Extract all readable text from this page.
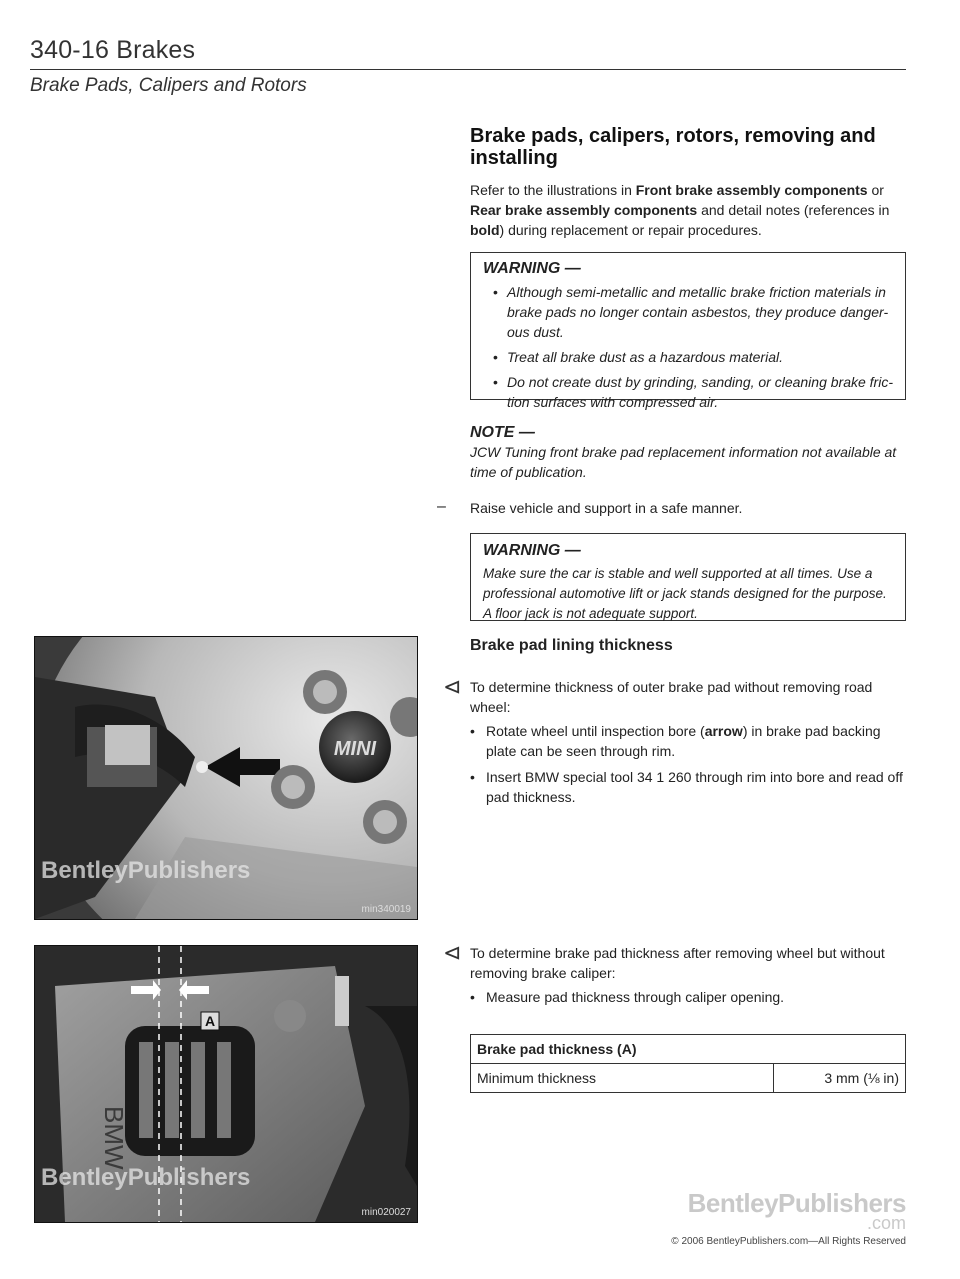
340-16 Brakes
Brake Pads, Calipers and Rotors
Brake pads, calipers, rotors, removing and
installing

Refer to the illustrations in Front brake assembly components or Rear brake assembly components and detail notes (references in bold) during replacement or repair procedures.

WARNING —
• Although semi-metallic and metallic brake friction materials in brake pads no longer contain asbestos, they produce danger-ous dust.
• Treat all brake dust as a hazardous material.
• Do not create dust by grinding, sanding, or cleaning brake fric-tion surfaces with compressed air.
NOTE —

JCW Tuning front brake pad replacement information not available at time of publication.

– Raise vehicle and support in a safe manner.

WARNING —

Make sure the car is stable and well supported at all times. Use a professional automotive lift or jack stands designed for the purpose. A floor jack is not adequate support.

Brake pad lining thickness
⊲ To determine thickness of outer brake pad without removing road wheel:

• Rotate wheel until inspection bore (arrow) in brake pad backing plate can be seen through rim.
• Insert BMW special tool 34 1 260 through rim into bore and read off pad thickness.
⊲ To determine brake pad thickness after removing wheel but without removing brake caliper:

• Measure pad thickness through caliper opening.
Brake pad thickness (A)
Minimum thickness	3 mm (⅛ in)
MINI
BentleyPublishers
min340019
A
BMW
BentleyPublishers
min020027	BentleyPublishers
.com
© 2006 BentleyPublishers.com—All Rights Reserved
